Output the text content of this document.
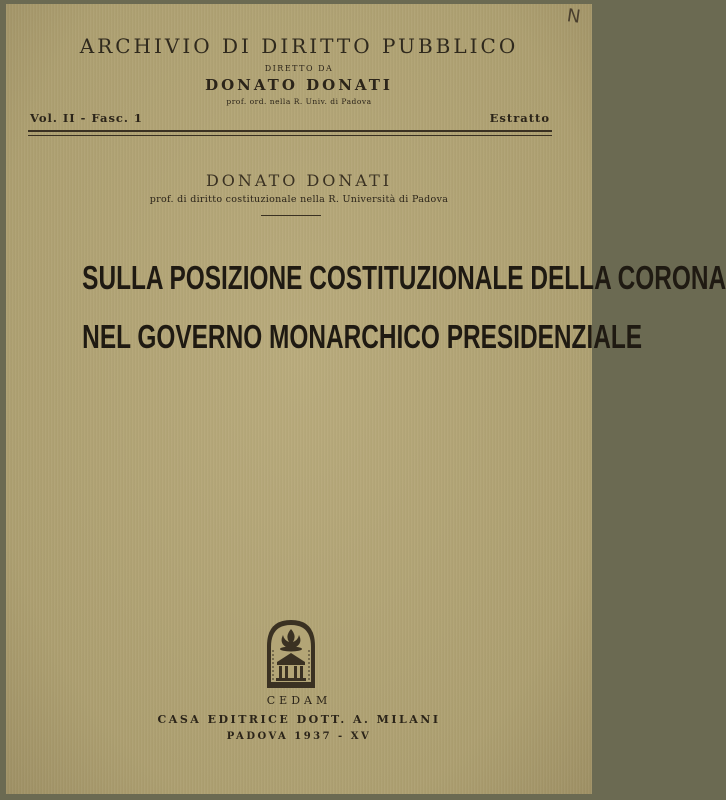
N
ARCHIVIO DI DIRITTO PUBBLICO
DIRETTO DA
DONATO DONATI
prof. ord. nella R. Univ. di Padova
Vol. II - Fasc. 1	Estratto
DONATO DONATI
prof. di diritto costituzionale nella R. Università di Padova
SULLA POSIZIONE COSTITUZIONALE DELLA CORONA
NEL GOVERNO MONARCHICO PRESIDENZIALE
CEDAM
CASA EDITRICE DOTT. A. MILANI
PADOVA 1937 - XV
